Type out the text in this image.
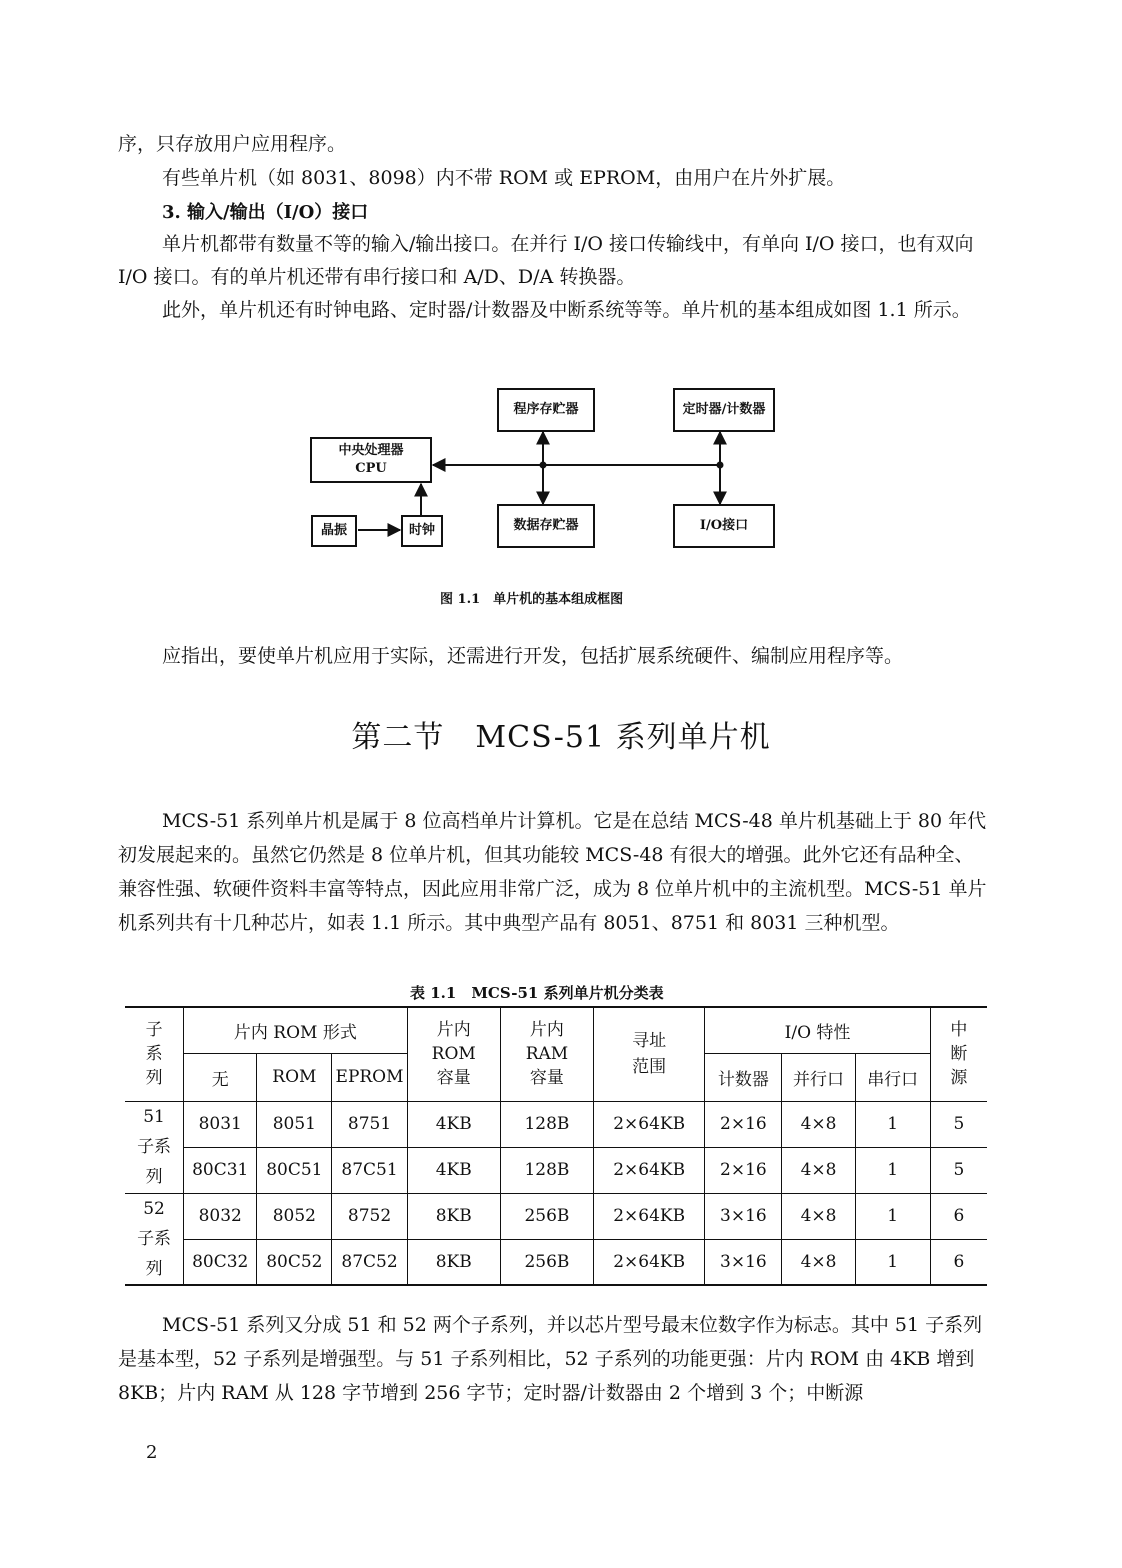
序，只存放用户应用程序。

有些单片机（如 8031、8098）内不带 ROM 或 EPROM，由用户在片外扩展。

3. 输入/输出（I/O）接口

单片机都带有数量不等的输入/输出接口。在并行 I/O 接口传输线中，有单向 I/O 接口，也有双向 I/O 接口。有的单片机还带有串行接口和 A/D、D/A 转换器。

此外，单片机还有时钟电路、定时器/计数器及中断系统等等。单片机的基本组成如图 1.1 所示。

中央处理器
CPU
程序存贮器	定时器/计数器
数据存贮器	I/O接口
晶振	时钟
图 1.1　单片机的基本组成框图

应指出，要使单片机应用于实际，还需进行开发，包括扩展系统硬件、编制应用程序等。

第二节　MCS-51 系列单片机

MCS-51 系列单片机是属于 8 位高档单片计算机。它是在总结 MCS-48 单片机基础上于 80 年代初发展起来的。虽然它仍然是 8 位单片机，但其功能较 MCS-48 有很大的增强。此外它还有品种全、兼容性强、软硬件资料丰富等特点，因此应用非常广泛，成为 8 位单片机中的主流机型。MCS-51 单片机系列共有十几种芯片，如表 1.1 所示。其中典型产品有 8051、8751 和 8031 三种机型。

表 1.1　MCS-51 系列单片机分类表
子系列	片内 ROM 形式			片内
ROM
容量	片内
RAM
容量	寻址
范围	I/O 特性			中断源
	无	ROM	EPROM				计数器	并行口	串行口	
51 子系列	8031	8051	8751	4KB	128B	2×64KB	2×16	4×8	1	5
	80C31	80C51	87C51	4KB	128B	2×64KB	2×16	4×8	1	5
52 子系列	8032	8052	8752	8KB	256B	2×64KB	3×16	4×8	1	6
	80C32	80C52	87C52	8KB	256B	2×64KB	3×16	4×8	1	6

MCS-51 系列又分成 51 和 52 两个子系列，并以芯片型号最末位数字作为标志。其中 51 子系列是基本型，52 子系列是增强型。与 51 子系列相比，52 子系列的功能更强：片内 ROM 由 4KB 增到 8KB；片内 RAM 从 128 字节增到 256 字节；定时器/计数器由 2 个增到 3 个；中断源

2
